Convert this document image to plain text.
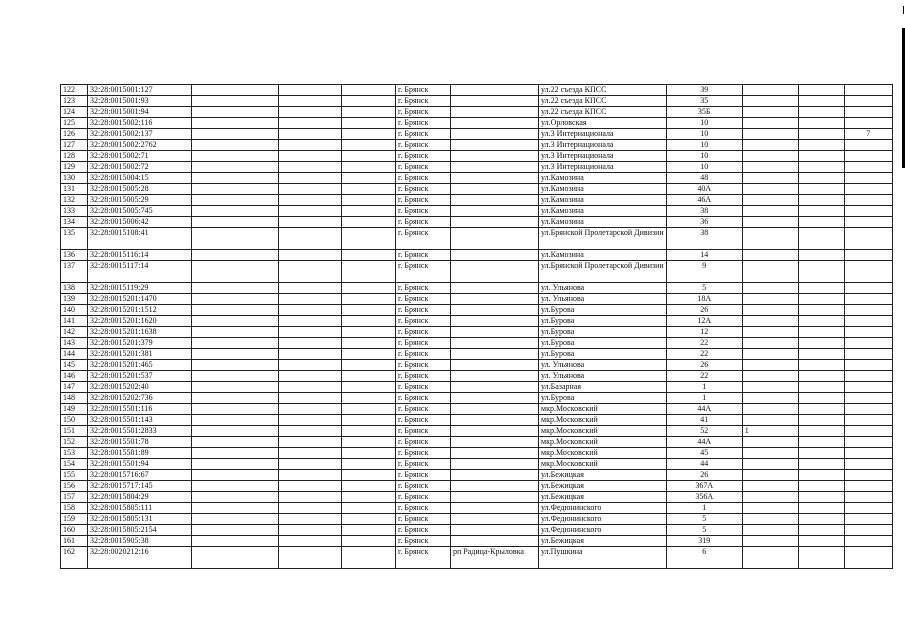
122	32:28:0015001:127				г. Брянск		ул.22 съезда КПСС	39			
123	32:28:0015001:93				г. Брянск		ул.22 съезда КПСС	35			
124	32:28:0015001:94				г. Брянск		ул.22 съезда КПСС	35Б			
125	32:28:0015002:116				г. Брянск		ул.Орловская	10			
126	32:28:0015002:137				г. Брянск		ул.3 Интернационала	10			7
127	32:28:0015002:2762				г. Брянск		ул.3 Интернационала	10			
128	32:28:0015002:71				г. Брянск		ул.3 Интернационала	10			
129	32:28:0015002:72				г. Брянск		ул.3 Интернационала	10			
130	32:28:0015004:15				г. Брянск		ул.Камозина	48			
131	32:28:0015005:28				г. Брянск		ул.Камозина	40А			
132	32:28:0015005:29				г. Брянск		ул.Камозина	46А			
133	32:28:0015005:745				г. Брянск		ул.Камозина	38			
134	32:28:0015006:42				г. Брянск		ул.Камозина	36			
135	32:28:0015108:41				г. Брянск		ул.Брянской Пролетарской Дивизии	38			
136	32:28:0015116:14				г. Брянск		ул.Камозина	14			
137	32:28:0015117:14				г. Брянск		ул.Брянской Пролетарской Дивизии	9			
138	32:28:0015119:29				г. Брянск		ул. Ульянова	5			
139	32:28:0015201:1470				г. Брянск		ул. Ульянова	18А			
140	32:28:0015201:1512				г. Брянск		ул.Бурова	26			
141	32:28:0015201:1620				г. Брянск		ул.Бурова	12А			
142	32:28:0015201:1638				г. Брянск		ул.Бурова	12			
143	32:28:0015201:379				г. Брянск		ул.Бурова	22			
144	32:28:0015201:381				г. Брянск		ул.Бурова	22			
145	32:28:0015201:465				г. Брянск		ул. Ульянова	26			
146	32:28:0015201:537				г. Брянск		ул. Ульянова	22			
147	32:28:0015202:40				г. Брянск		ул.Базарная	1			
148	32:28:0015202:736				г. Брянск		ул.Бурова	1			
149	32:28:0015501:116				г. Брянск		мкр.Московский	44А			
150	32:28:0015501:143				г. Брянск		мкр.Московский	41			
151	32:28:0015501:2833				г. Брянск		мкр.Московский	52	1		
152	32:28:0015501:78				г. Брянск		мкр.Московский	44А			
153	32:28:0015501:89				г. Брянск		мкр.Московский	45			
154	32:28:0015501:94				г. Брянск		мкр.Московский	44			
155	32:28:0015716:67				г. Брянск		ул.Бежицкая	26			
156	32:28:0015717:145				г. Брянск		ул.Бежицкая	367А			
157	32:28:0015804:29				г. Брянск		ул.Бежицкая	356А			
158	32:28:0015805:111				г. Брянск		ул.Федюнинского	1			
159	32:28:0015805:131				г. Брянск		ул.Федюнинского	5			
160	32:28:0015805:2154				г. Брянск		ул.Федюнинского	5			
161	32:28:0015905:38				г. Брянск		ул.Бежицкая	319			
162	32:28:0020212:16				г. Брянск	рп Радица-Крыловка	ул.Пушкина	6			
